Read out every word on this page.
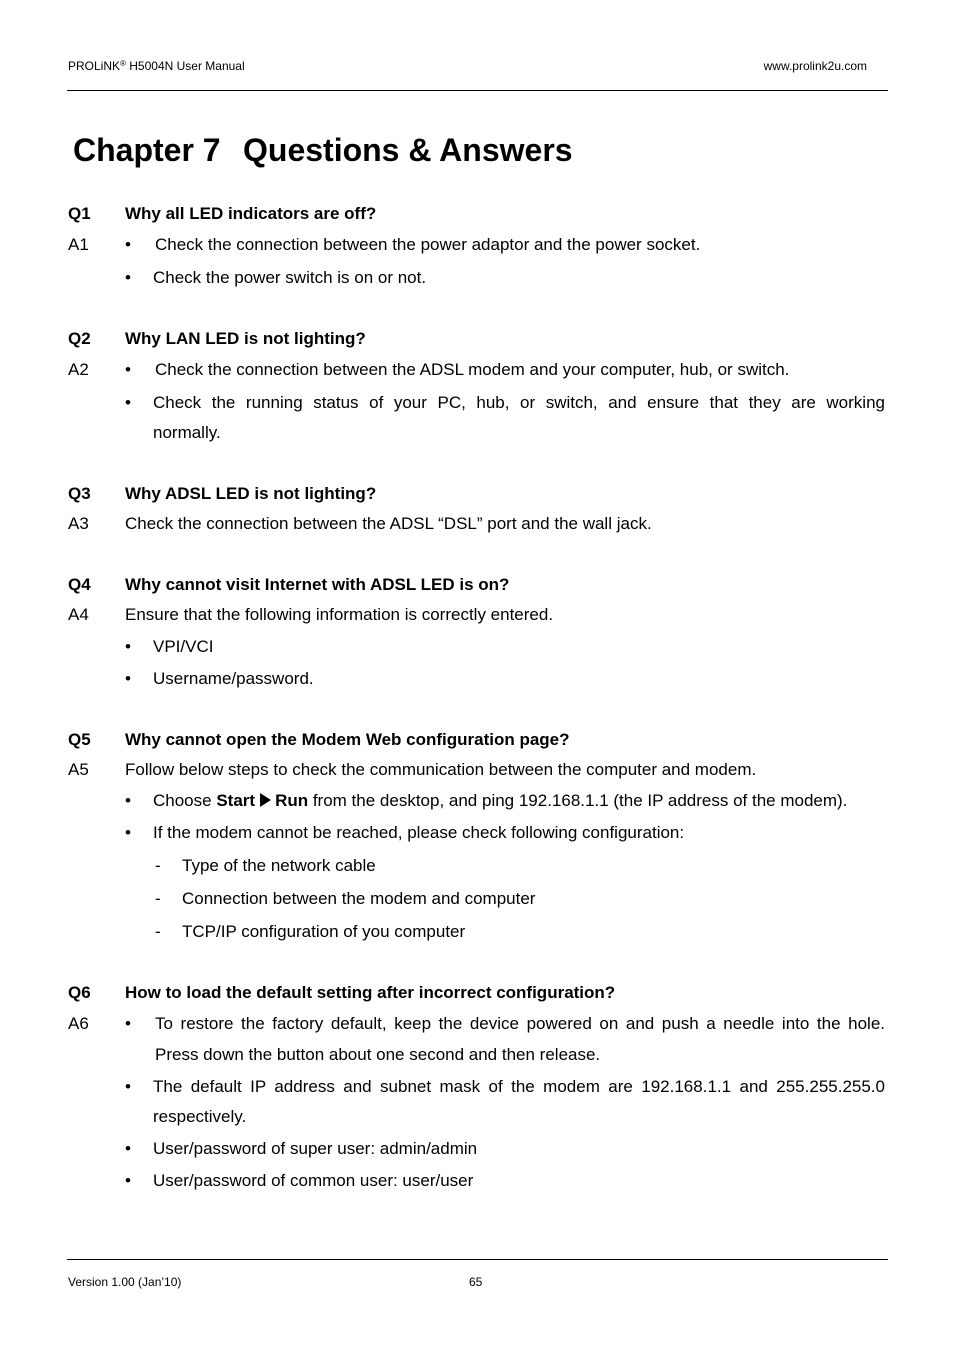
PROLiNK® H5004N User Manual	www.prolink2u.com
Chapter 7 Questions & Answers
Q1 Why all LED indicators are off?
A1 • Check the connection between the power adaptor and the power socket.
• Check the power switch is on or not.
Q2 Why LAN LED is not lighting?
A2 • Check the connection between the ADSL modem and your computer, hub, or switch.
• Check the running status of your PC, hub, or switch, and ensure that they are working
normally.
Q3 Why ADSL LED is not lighting?
A3 Check the connection between the ADSL “DSL” port and the wall jack.
Q4 Why cannot visit Internet with ADSL LED is on?
A4 Ensure that the following information is correctly entered.
• VPI/VCI
• Username/password.
Q5 Why cannot open the Modem Web configuration page?
A5 Follow below steps to check the communication between the computer and modem.
• Choose Start Run from the desktop, and ping 192.168.1.1 (the IP address of the modem).
• If the modem cannot be reached, please check following configuration:
- Type of the network cable
- Connection between the modem and computer
- TCP/IP configuration of you computer
Q6 How to load the default setting after incorrect configuration?
A6 • To restore the factory default, keep the device powered on and push a needle into the hole.
Press down the button about one second and then release.
• The default IP address and subnet mask of the modem are 192.168.1.1 and 255.255.255.0
respectively.
• User/password of super user: admin/admin
• User/password of common user: user/user
Version 1.00 (Jan’10)	65
